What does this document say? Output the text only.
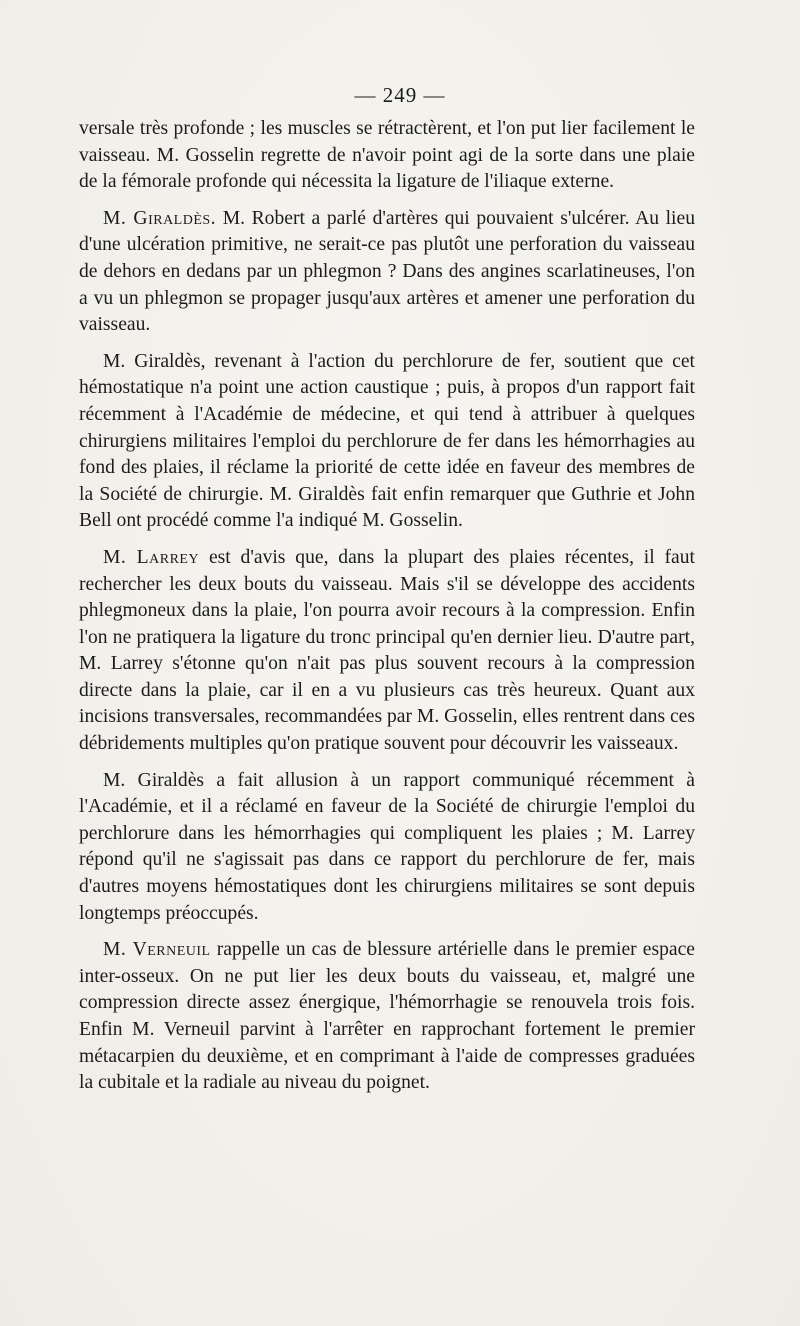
— 249 —

versale très profonde ; les muscles se rétractèrent, et l'on put lier facilement le vaisseau. M. Gosselin regrette de n'avoir point agi de la sorte dans une plaie de la fémorale profonde qui nécessita la ligature de l'iliaque externe.

M. Giraldès. M. Robert a parlé d'artères qui pouvaient s'ulcérer. Au lieu d'une ulcération primitive, ne serait-ce pas plutôt une perforation du vaisseau de dehors en dedans par un phlegmon ? Dans des angines scarlatineuses, l'on a vu un phlegmon se propager jusqu'aux artères et amener une perforation du vaisseau.

M. Giraldès, revenant à l'action du perchlorure de fer, soutient que cet hémostatique n'a point une action caustique ; puis, à propos d'un rapport fait récemment à l'Académie de médecine, et qui tend à attribuer à quelques chirurgiens militaires l'emploi du perchlorure de fer dans les hémorrhagies au fond des plaies, il réclame la priorité de cette idée en faveur des membres de la Société de chirurgie. M. Giraldès fait enfin remarquer que Guthrie et John Bell ont procédé comme l'a indiqué M. Gosselin.

M. Larrey est d'avis que, dans la plupart des plaies récentes, il faut rechercher les deux bouts du vaisseau. Mais s'il se développe des accidents phlegmoneux dans la plaie, l'on pourra avoir recours à la compression. Enfin l'on ne pratiquera la ligature du tronc principal qu'en dernier lieu. D'autre part, M. Larrey s'étonne qu'on n'ait pas plus souvent recours à la compression directe dans la plaie, car il en a vu plusieurs cas très heureux. Quant aux incisions transversales, recommandées par M. Gosselin, elles rentrent dans ces débridements multiples qu'on pratique souvent pour découvrir les vaisseaux.

M. Giraldès a fait allusion à un rapport communiqué récemment à l'Académie, et il a réclamé en faveur de la Société de chirurgie l'emploi du perchlorure dans les hémorrhagies qui compliquent les plaies ; M. Larrey répond qu'il ne s'agissait pas dans ce rapport du perchlorure de fer, mais d'autres moyens hémostatiques dont les chirurgiens militaires se sont depuis longtemps préoccupés.

M. Verneuil rappelle un cas de blessure artérielle dans le premier espace inter-osseux. On ne put lier les deux bouts du vaisseau, et, malgré une compression directe assez énergique, l'hémorrhagie se renouvela trois fois. Enfin M. Verneuil parvint à l'arrêter en rapprochant fortement le premier métacarpien du deuxième, et en comprimant à l'aide de compresses graduées la cubitale et la radiale au niveau du poignet.
